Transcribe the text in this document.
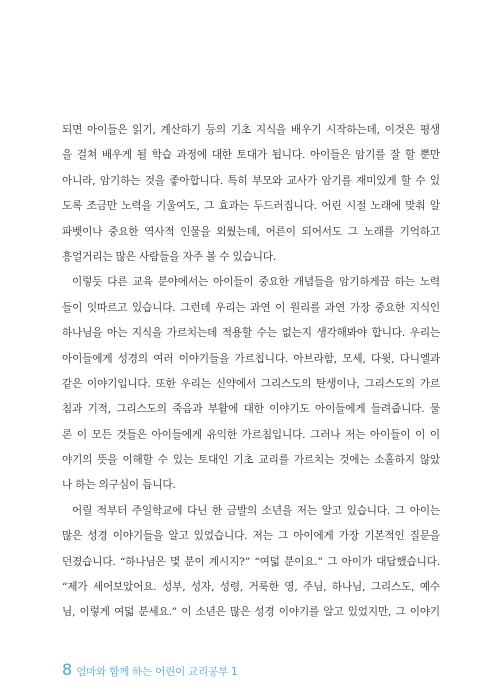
되면 아이들은 읽기, 계산하기 등의 기초 지식을 배우기 시작하는데, 이것은 평생
을 걸쳐 배우게 될 학습 과정에 대한 토대가 됩니다. 아이들은 암기를 잘 할 뿐만
아니라, 암기하는 것을 좋아합니다. 특히 부모와 교사가 암기를 재미있게 할 수 있
도록 조금만 노력을 기울여도, 그 효과는 두드러집니다. 어린 시절 노래에 맞춰 알
파벳이나 중요한 역사적 인물을 외웠는데, 어른이 되어서도 그 노래를 기억하고
흥얼거리는 많은 사람들을 자주 볼 수 있습니다.
이렇듯 다른 교육 분야에서는 아이들이 중요한 개념들을 암기하게끔 하는 노력
들이 잇따르고 있습니다. 그런데 우리는 과연 이 원리를 과연 가장 중요한 지식인
하나님을 아는 지식을 가르치는데 적용할 수는 없는지 생각해봐야 합니다. 우리는
아이들에게 성경의 여러 이야기들을 가르칩니다. 아브라함, 모세, 다윗, 다니엘과
같은 이야기입니다. 또한 우리는 신약에서 그리스도의 탄생이나, 그리스도의 가르
침과 기적, 그리스도의 죽음과 부활에 대한 이야기도 아이들에게 들려줍니다. 물
론 이 모든 것들은 아이들에게 유익한 가르침입니다. 그러나 저는 아이들이 이 이
야기의 뜻을 이해할 수 있는 토대인 기초 교리를 가르치는 것에는 소홀하지 않았
나 하는 의구심이 듭니다.
어릴 적부터 주일학교에 다닌 한 금발의 소년을 저는 알고 있습니다. 그 아이는
많은 성경 이야기들을 알고 있었습니다. 저는 그 아이에게 가장 기본적인 질문을
던졌습니다. “하나님은 몇 분이 계시지?” “여덟 분이요.” 그 아이가 대답했습니다.
“제가 세어보았어요. 성부, 성자, 성령, 거룩한 영, 주님, 하나님, 그리스도, 예수
님, 이렇게 여덟 분세요.” 이 소년은 많은 성경 이야기를 알고 있었지만, 그 이야기
8 엄마와 함께 하는 어린이 교리공부 1
